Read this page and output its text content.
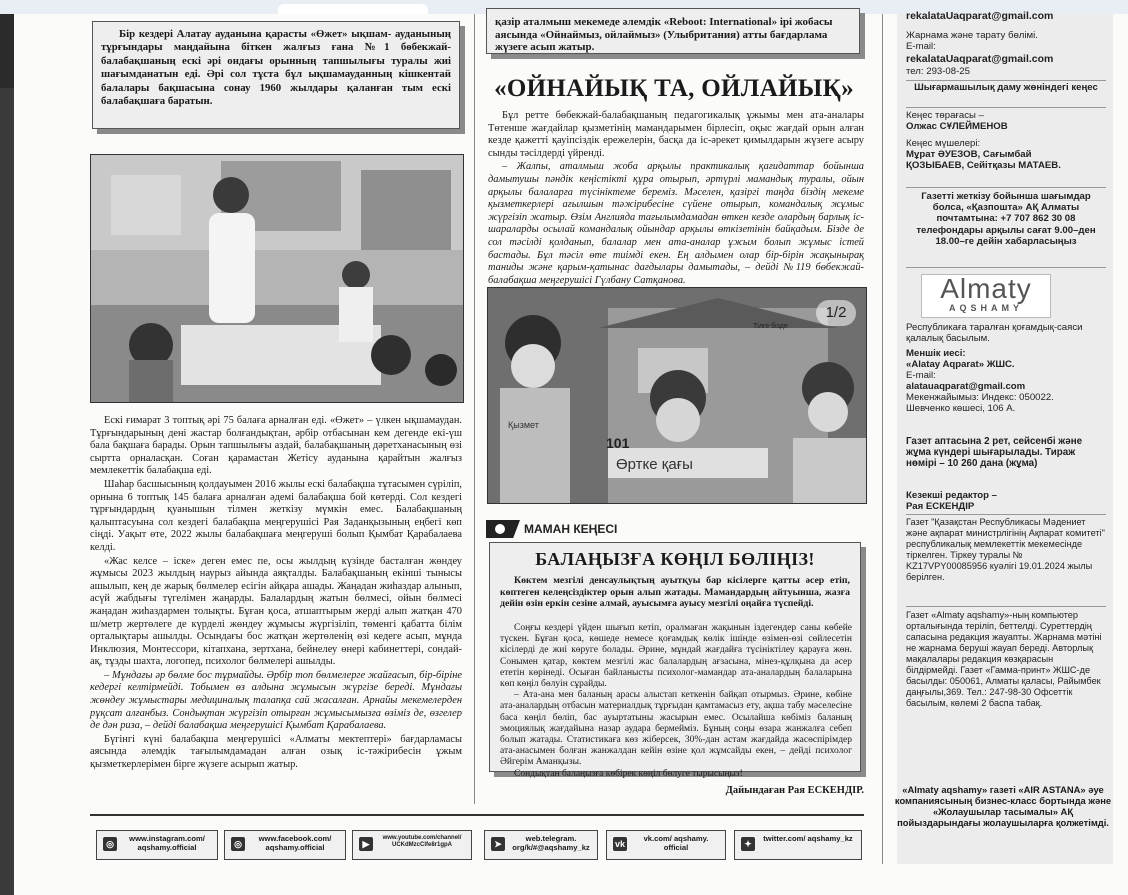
Бір кездері Алатау ауданына қарасты «Өжет» ықшам- ауданының тұрғындары маңдайына біткен жалғыз ғана №1 бөбекжай-балабақшаның ескі әрі ондағы орынның тапшылығы туралы жиі шағымданатын еді. Әрі сол тұста бұл ықшамауданның кішкентай балалары бақшасына сонау 1960 жылдары қаланған тым ескі балабақшаға баратын.

Ескі ғимарат 3 топтық әрі 75 балаға арналған еді. «Өжет» – үлкен ықшамаудан. Тұрғындарының дені жастар болғандықтан, әрбір отбасынан кем дегенде екі-үш бала бақшаға барады. Орын тапшылығы аздай, балабақшаның дәретханасының өзі сыртта орналасқан. Соған қарамастан Жетісу ауданына қарайтын жалғыз мемлекеттік балабақша еді.

Шаһар басшысының қолдауымен 2016 жылы ескі балабақша тұтасымен сүріліп, орнына 6 топтық 145 балаға арналған әдемі балабақша бой көтерді. Сол кездегі тұрғындардың қуанышын тілмен жеткізу мүмкін емес. Балабақшаның қалыптасуына сол кездегі балабақша меңгерушісі Рая Заданқызының еңбегі көп сіңді. Уақыт өте, 2022 жылы балабақшаға меңгеруші болып Қымбат Қарабалаева келді.

«Жас келсе – іске» деген емес пе, осы жылдың күзінде басталған жөндеу жұмысы 2023 жылдың наурыз айында аяқталды. Балабақшаның екінші тынысы ашылып, кең де жарық бөлмелер есігін айқара ашады. Жаңадан жиһаздар алынып, асүй жабдығы түгелімен жаңарды. Балалардың жатын бөлмесі, ойын бөлмесі жаңадан жиһаздармен толықты. Бұған қоса, атшаптырым жерді алып жатқан 470 ш/метр жертөлеге де күрделі жөндеу жұмысы жүргізіліп, төменгі қабатта білім орталықтары ашылды. Осындағы бос жатқан жертөленің өзі кедеге асып, мұнда Инклюзия, Монтессори, кітапхана, зертхана, бейнелеу өнері кабинеттері, сондай-ақ, тұзды шахта, логопед, психолог бөлмелері ашылды.

– Мұндағы әр бөлме бос тұрмайды. Әрбір топ бөлмелерге жайғасып, бір-біріне кедергі келтірмейді. Тобымен өз алдына жұмысын жүргізе береді. Мұндағы жөндеу жұмыстары медициналық талапқа сай жасалған. Арнайы мекемелерден рұқсат алғанбыз. Сондықтан жүргізіп отырған жұмысымызға өзіміз де, өзгелер де дән риза, – дейді балабақша меңгерушісі Қымбат Қарабалаева.

Бүгінгі күні балабақша меңгерушісі «Алматы мектептері» бағдарламасы аясында әлемдік тағылымдамадан алған озық іс-тәжірибесін ұжым қызметкерлерімен бірге жүзеге асырып жатыр.

қазір аталмыш мекемеде әлемдік «Reboot: International» ірі жобасы аясында «Ойнаймыз, ойлаймыз» (Улыбритания) атты бағдарлама жүзеге асып жатыр.
«ОЙНАЙЫҚ ТА, ОЙЛАЙЫҚ»

Бұл ретте бөбекжай-балабақшаның педагогикалық ұжымы мен ата-аналары Төтенше жағдайлар қызметінің мамандарымен бірлесіп, оқыс жағдай орын алған кезде қажетті қауіпсіздік ережелерін, басқа да іс-әрекет қимылдарын жүзеге асыру сынды тәсілдерді үйренді.

– Жалпы, аталмыш жоба арқылы практикалық қағидаттар бойынша дамытушы пәндік кеңістікті құра отырып, әртүрлі мамандық туралы, ойын арқылы балаларға түсініктеме береміз. Мәселен, қазіргі таңда біздің мекеме қызметкерлері ағылшын тәжірибесіне сүйене отырып, командалық жұмыс жүргізіп жатыр. Өзім Англияда тағылымдамадан өткен кезде олардың барлық іс-шараларды осылай командалық ойындар арқылы өткізетінін байқадым. Бізде де сол тәсілді қолданып, балалар мен ата-аналар ұжым болып жұмыс істей бастады. Бұл тәсіл өте тиімді екен. Ең алдымен олар бір-бірін жақынырақ таниды және қарым-қатынас дағдылары дамытады, – дейді №119 бөбекжай-балабақша меңгерушісі Гүлбану Сатқанова.

Өртке қағы
101
Тілге бізде
Қызмет
1/2
МАМАН КЕҢЕСІ
БАЛАҢЫЗҒА КӨҢІЛ БӨЛІҢІЗ!
Көктем мезгілі денсаулықтың ауытқуы бар кісілерге қатты әсер етіп, көптеген келеңсіздіктер орын алып жатады. Мамандардың айтуынша, жазға дейін өзін еркін сезіне алмай, ауысымға ауысу мезгілі оңайға түспейді.

Соңғы кездері үйден шығып кетіп, оралмаған жақынын іздегендер саны көбейе түскен. Бұған қоса, көшеде немесе қоғамдық көлік ішінде өзімен-өзі сөйлесетін кісілерді де жиі көруге болады. Әрине, мұндай жағдайға түсініктілеу қарауға жөн. Сонымен қатар, көктем мезгілі жас балалардың ағзасына, мінез-құлқына да әсер ететін көрінеді. Осыған байланысты психолог-мамандар ата-аналардың балаларына көп көңіл бөлуін сұрайды.

– Ата-ана мен баланың арасы алыстап кеткенін байқап отырмыз. Әрине, көбіне ата-аналардың отбасын материалдық тұрғыдан қамтамасыз ету, ақша табу мәселесіне баса көңіл бөліп, бас ауыртатыны жасырын емес. Осылайша көбіміз баланың эмоциялық жағдайына назар аудара бермейміз. Бұның соңы өзара жанжалға себеп болып жатады. Статистикаға көз жіберсек, 30%-дан астам жағдайда жасөспірімдер ата-анасымен болған жанжалдан кейін өзіне қол жұмсайды екен, – дейді психолог Әйгерім Аманқызы.

Сондықтан балаңызға көбірек көңіл бөлуге тырысыңыз!

Дайындаған Рая ЕСКЕНДІР.
◎
www.instagram.com/ aqshamy.official	◎
www.facebook.com/ aqshamy.official	▶
www.youtube.com/channel/ UCKdMzcClfe8r1gpA	➤
web.telegram. org/k/#@aqshamy_kz	vk
vk.com/ aqshamy. official	✦
twitter.com/ aqshamy_kz
rekalataUaqparat@gmail.com
Жарнама және тарату бөлімі. E-mail:
rekalataUaqparat@gmail.com
тел: 293-08-25
Шығармашылық даму жөніндегі кеңес
Кеңес төрағасы –
Олжас СҰЛЕЙМЕНОВ
Кеңес мүшелері:
Мұрат ӘУЕЗОВ, Сағымбай ҚОЗЫБАЕВ, Сейітқазы МАТАЕВ.
Газетті жеткізу бойынша шағымдар болса, «Қазпошта» АҚ Алматы почтамтына: +7 707 862 30 08 телефондары арқылы сағат 9.00–ден 18.00–ге дейін хабарласыңыз
Almaty
AQSHAMY
Республикаға таралған қоғамдық-саяси қалалық басылым.
Меншік иесі:
«Alatay Aqparat» ЖШС.
E-mail:
alatauaqparat@gmail.com
Мекенжайымыз: Индекс: 050022. Шевченко көшесі, 106 А.
Газет аптасына 2 рет, сейсенбі және жұма күндері шығарылады. Тираж нөмірі – 10 260 дана (жұма)
Кезекші редактор –
Рая ЕСКЕНДІР
Газет "Қазақстан Республикасы Мәдениет және ақпарат министрлігінің Ақпарат комитеті" республикалық мемлекеттік мекемесінде тіркелген. Тіркеу туралы № KZ17VPY00085956 куәлігі 19.01.2024 жылы берілген.
Газет «Almaty aqshamy»-ның компьютер орталығында терiлiп, беттелдi. Суреттердің сапасына редакция жауапты. Жарнама мәтіні не жарнама беруші жауап береді. Авторлық мақалалары редакция көзқарасын білдірмейді. Газет «Гамма-принт» ЖШС-де басылды: 050061, Алматы қаласы, Райымбек даңғылы,369. Тел.: 247-98-30 Офсеттік басылым, көлемі 2 баспа табақ.
«Almaty aqshamy» газеті «AIR ASTANA» әуе компаниясының бизнес-класс бортында және «Жолаушылар тасымалы» АҚ пойыздарындағы жолаушыларға қолжетімді.
